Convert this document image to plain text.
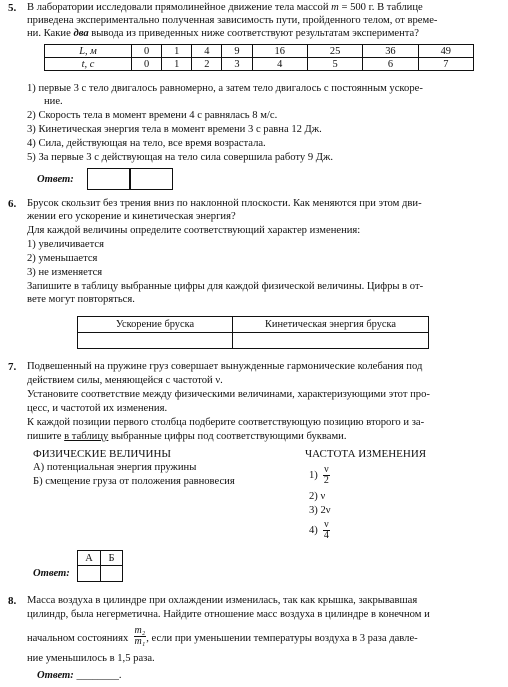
5. В лаборатории исследовали прямолинейное движение тела массой m = 500 г. В таблице
приведена экспериментально полученная зависимость пути, пройденного телом, от време-
ни. Какие два вывода из приведенных ниже соответствуют результатам эксперимента?
L, м	0	1	4	9	16	25	36	49
t, с	0	1	2	3	4	5	6	7
1) первые 3 с тело двигалось равномерно, а затем тело двигалось с постоянным ускоре-
ние.
2) Скорость тела в момент времени 4 с равнялась 8 м/с.
3) Кинетическая энергия тела в момент времени 3 с равна 12 Дж.
4) Сила, действующая на тело, все время возрастала.
5) За первые 3 с действующая на тело сила совершила работу 9 Дж.
Ответ:
6. Брусок скользит без трения вниз по наклонной плоскости. Как меняются при этом дви-
жении его ускорение и кинетическая энергия?
Для каждой величины определите соответствующий характер изменения:
1) увеличивается
2) уменьшается
3) не изменяется
Запишите в таблицу выбранные цифры для каждой физической величины. Цифры в от-
вете могут повторяться.
Ускорение бруска	Кинетическая энергия бруска

7. Подвешенный на пружине груз совершает вынужденные гармонические колебания под
действием силы, меняющейся с частотой ν.
Установите соответствие между физическими величинами, характеризующими этот про-
цесс, и частотой их изменения.
К каждой позиции первого столбца подберите соответствующую позицию второго и за-
пишите в таблицу выбранные цифры под соответствующими буквами.
ФИЗИЧЕСКИЕ ВЕЛИЧИНЫ
А) потенциальная энергия пружины
Б) смещение груза от положения равновесия
ЧАСТОТА ИЗМЕНЕНИЯ
$1) \frac{\nu}{2}$
2) ν
3) 2ν
$4) \frac{\nu}{4}$
Ответ:
А	Б

8. Масса воздуха в цилиндре при охлаждении изменилась, так как крышка, закрывавшая
цилиндр, была негерметична. Найдите отношение масс воздуха в цилиндре в конечном и
начальном состояниях $\frac{\text{m₂}}{\text{m₁}}$ , если при уменьшении температуры воздуха в 3 раза давле-
ние уменьшилось в 1,5 раза.
Ответ: ________.
